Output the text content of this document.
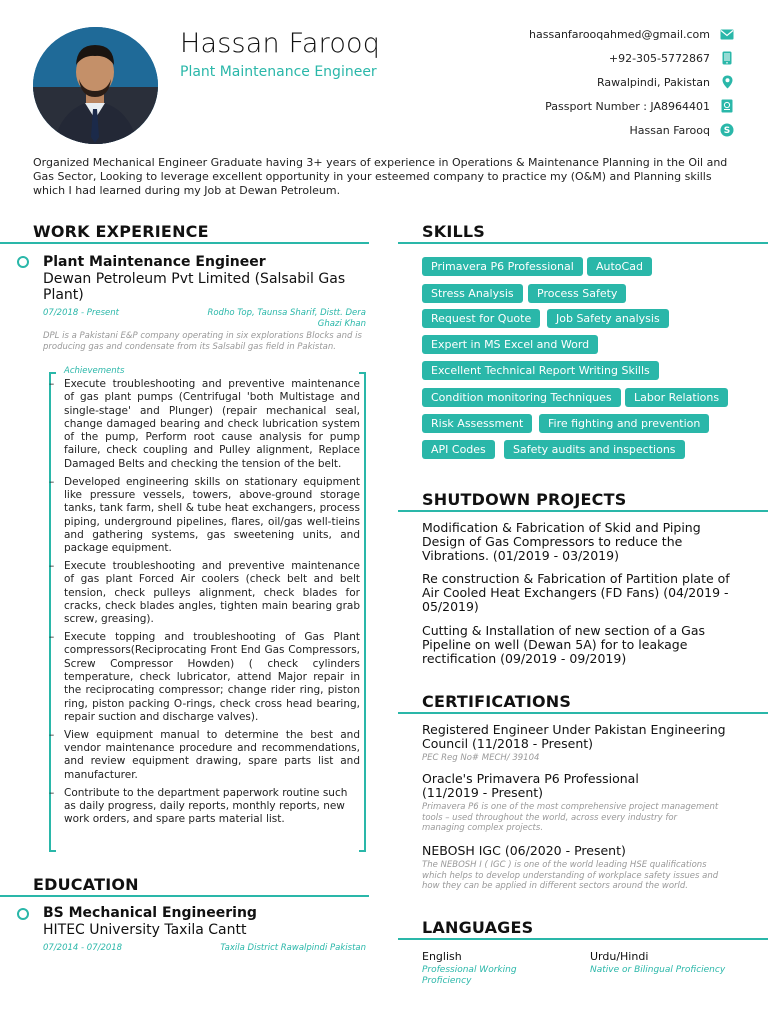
Hassan Farooq
Plant Maintenance Engineer
hassanfarooqahmed@gmail.com
+92-305-5772867
Rawalpindi, Pakistan
Passport Number : JA8964401
Hassan Farooq S
Organized Mechanical Engineer Graduate having 3+ years of experience in Operations & Maintenance Planning in the Oil and Gas Sector, Looking to leverage excellent opportunity in your esteemed company to practice my (O&M) and Planning skills which I had learned during my Job at Dewan Petroleum.
WORK EXPERIENCE
Plant Maintenance Engineer
Dewan Petroleum Pvt Limited (Salsabil Gas Plant)
07/2018 - Present	Rodho Top, Taunsa Sharif, Distt. Dera Ghazi Khan
DPL is a Pakistani E&P company operating in six explorations Blocks and is producing gas and condensate from its Salsabil gas field in Pakistan.
Achievements
– Execute troubleshooting and preventive maintenance of gas plant pumps (Centrifugal 'both Multistage and single-stage' and Plunger) (repair mechanical seal, change damaged bearing and check lubrication system of the pump, Perform root cause analysis for pump failure, check coupling and Pulley alignment, Replace Damaged Belts and checking the tension of the belt.
– Developed engineering skills on stationary equipment like pressure vessels, towers, above-ground storage tanks, tank farm, shell & tube heat exchangers, process piping, underground pipelines, flares, oil/gas well-tieins and gathering systems, gas sweetening units, and package equipment.
– Execute troubleshooting and preventive maintenance of gas plant Forced Air coolers (check belt and belt tension, check pulleys alignment, check blades for cracks, check blades angles, tighten main bearing grab screw, greasing).
– Execute topping and troubleshooting of Gas Plant compressors(Reciprocating Front End Gas Compressors, Screw Compressor Howden) ( check cylinders temperature, check lubricator, attend Major repair in the reciprocating compressor; change rider ring, piston ring, piston packing O-rings, check cross head bearing, repair suction and discharge valves).
– View equipment manual to determine the best and vendor maintenance procedure and recommendations, and review equipment drawing, spare parts list and manufacturer.
– Contribute to the department paperwork routine such as daily progress, daily reports, monthly reports, new work orders, and spare parts material list.
EDUCATION
BS Mechanical Engineering
HITEC University Taxila Cantt
07/2014 - 07/2018	Taxila District Rawalpindi Pakistan
SKILLS
Primavera P6 Professional	AutoCad
Stress Analysis	Process Safety
Request for Quote	Job Safety analysis
Expert in MS Excel and Word
Excellent Technical Report Writing Skills
Condition monitoring Techniques	Labor Relations
Risk Assessment	Fire fighting and prevention
API Codes	Safety audits and inspections
SHUTDOWN PROJECTS
Modification & Fabrication of Skid and Piping Design of Gas Compressors to reduce the Vibrations. (01/2019 - 03/2019)
Re construction & Fabrication of Partition plate of Air Cooled Heat Exchangers (FD Fans) (04/2019 - 05/2019)
Cutting & Installation of new section of a Gas Pipeline on well (Dewan 5A) for to leakage rectification (09/2019 - 09/2019)
CERTIFICATIONS
Registered Engineer Under Pakistan Engineering Council (11/2018 - Present)
PEC Reg No# MECH/ 39104
Oracle's Primavera P6 Professional (11/2019 - Present)
Primavera P6 is one of the most comprehensive project management tools – used throughout the world, across every industry for managing complex projects.
NEBOSH IGC (06/2020 - Present)
The NEBOSH I ( IGC ) is one of the world leading HSE qualifications which helps to develop understanding of workplace safety issues and how they can be applied in different sectors around the world.
LANGUAGES
English
Professional Working Proficiency
Urdu/Hindi
Native or Bilingual Proficiency
